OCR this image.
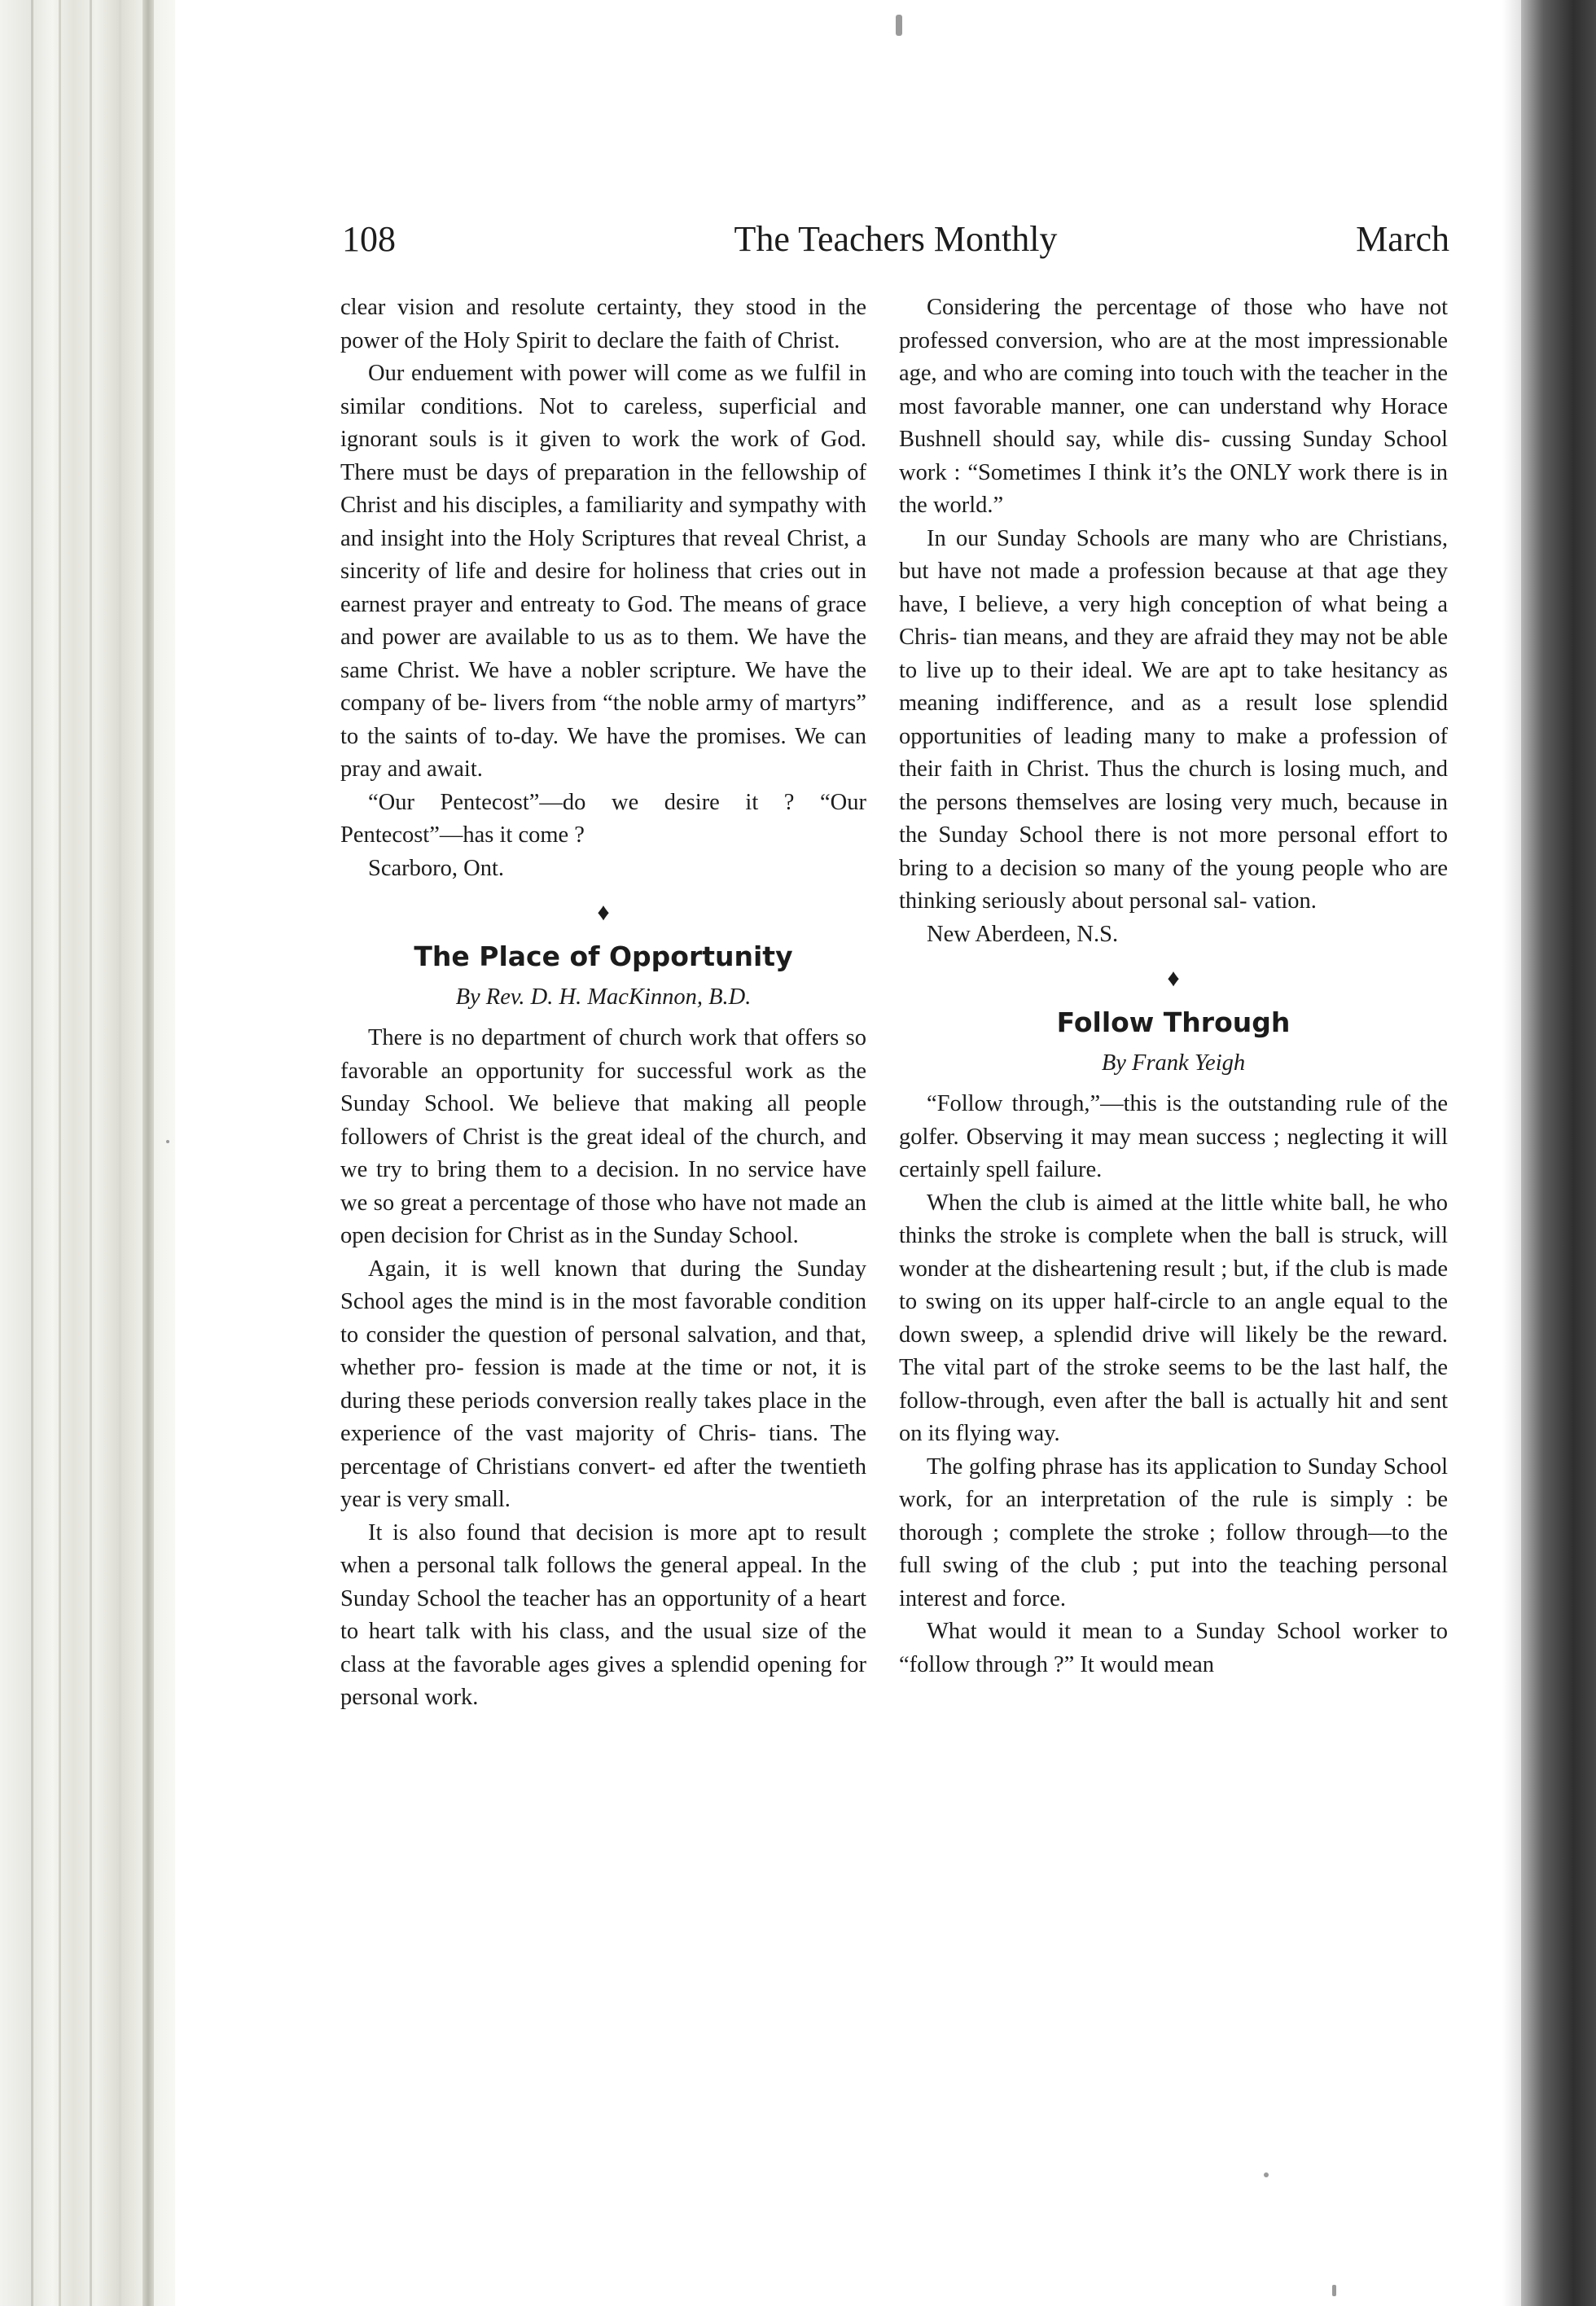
108	The Teachers Monthly	March

clear vision and resolute certainty, they stood in the power of the Holy Spirit to declare the faith of Christ.

Our enduement with power will come as we fulfil in similar conditions. Not to careless, superficial and ignorant souls is it given to work the work of God. There must be days of preparation in the fellowship of Christ and his disciples, a familiarity and sympathy with and insight into the Holy Scriptures that reveal Christ, a sincerity of life and desire for holiness that cries out in earnest prayer and entreaty to God. The means of grace and power are available to us as to them. We have the same Christ. We have a nobler scripture. We have the company of be- livers from “the noble army of martyrs” to the saints of to-day. We have the promises. We can pray and await.

“Our Pentecost”—do we desire it ? “Our Pentecost”—has it come ?

Scarboro, Ont.

♦
The Place of Opportunity
By Rev. D. H. MacKinnon, B.D.

There is no department of church work that offers so favorable an opportunity for successful work as the Sunday School. We believe that making all people followers of Christ is the great ideal of the church, and we try to bring them to a decision. In no service have we so great a percentage of those who have not made an open decision for Christ as in the Sunday School.

Again, it is well known that during the Sunday School ages the mind is in the most favorable condition to consider the question of personal salvation, and that, whether pro- fession is made at the time or not, it is during these periods conversion really takes place in the experience of the vast majority of Chris- tians. The percentage of Christians convert- ed after the twentieth year is very small.

It is also found that decision is more apt to result when a personal talk follows the general appeal. In the Sunday School the teacher has an opportunity of a heart to heart talk with his class, and the usual size of the class at the favorable ages gives a splendid opening for personal work.

Considering the percentage of those who have not professed conversion, who are at the most impressionable age, and who are coming into touch with the teacher in the most favorable manner, one can understand why Horace Bushnell should say, while dis- cussing Sunday School work : “Sometimes I think it’s the ONLY work there is in the world.”

In our Sunday Schools are many who are Christians, but have not made a profession because at that age they have, I believe, a very high conception of what being a Chris- tian means, and they are afraid they may not be able to live up to their ideal. We are apt to take hesitancy as meaning indifference, and as a result lose splendid opportunities of leading many to make a profession of their faith in Christ. Thus the church is losing much, and the persons themselves are losing very much, because in the Sunday School there is not more personal effort to bring to a decision so many of the young people who are thinking seriously about personal sal- vation.

New Aberdeen, N.S.

♦
Follow Through
By Frank Yeigh

“Follow through,”—this is the outstanding rule of the golfer. Observing it may mean success ; neglecting it will certainly spell failure.

When the club is aimed at the little white ball, he who thinks the stroke is complete when the ball is struck, will wonder at the disheartening result ; but, if the club is made to swing on its upper half-circle to an angle equal to the down sweep, a splendid drive will likely be the reward. The vital part of the stroke seems to be the last half, the follow-through, even after the ball is actually hit and sent on its flying way.

The golfing phrase has its application to Sunday School work, for an interpretation of the rule is simply : be thorough ; complete the stroke ; follow through—to the full swing of the club ; put into the teaching personal interest and force.

What would it mean to a Sunday School worker to “follow through ?” It would mean
